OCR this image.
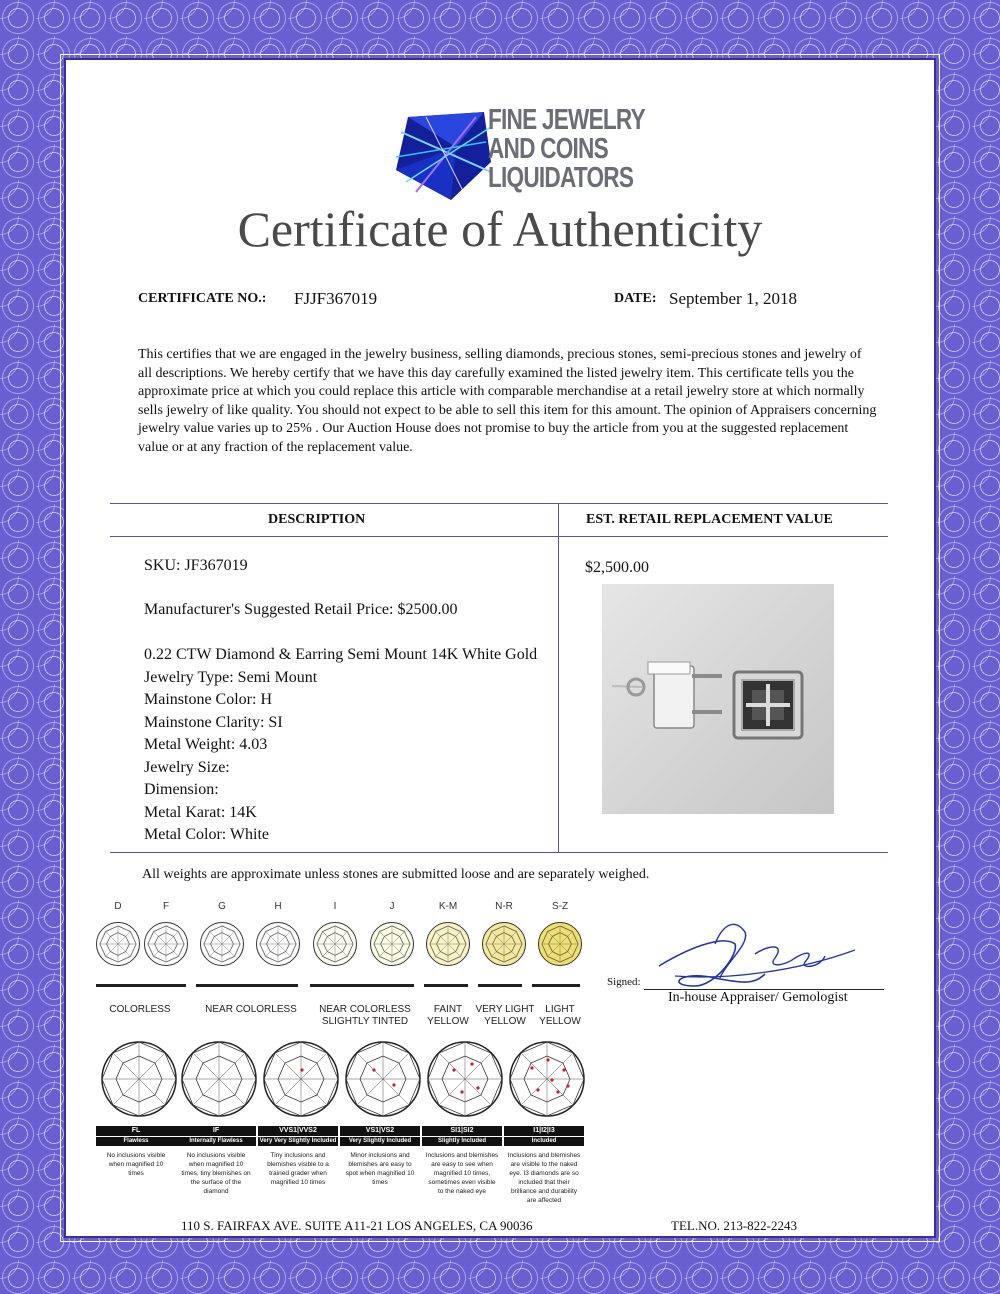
FINE JEWELRY
AND COINS
LIQUIDATORS
Certificate of Authenticity
CERTIFICATE NO.: FJJF367019	DATE: September 1, 2018
This certifies that we are engaged in the jewelry business, selling diamonds, precious stones, semi-precious stones and jewelry of all descriptions. We hereby certify that we have this day carefully examined the listed jewelry item. This certificate tells you the approximate price at which you could replace this article with comparable merchandise at a retail jewelry store at which normally sells jewelry of like quality. You should not expect to be able to sell this item for this amount. The opinion of Appraisers concerning jewelry value varies up to 25% . Our Auction House does not promise to buy the article from you at the suggested replacement value or at any fraction of the replacement value.
DESCRIPTION	EST. RETAIL REPLACEMENT VALUE
SKU: JF367019
Manufacturer's Suggested Retail Price: $2500.00
0.22 CTW Diamond & Earring Semi Mount 14K White Gold
Jewelry Type: Semi Mount
Mainstone Color: H
Mainstone Clarity: SI
Metal Weight: 4.03
Jewelry Size:
Dimension:
Metal Karat: 14K
Metal Color: White
$2,500.00
All weights are approximate unless stones are submitted loose and are separately weighed.
D	F	G	H	I	J	K-M	N-R	S-Z
COLORLESS	NEAR COLORLESS NEAR COLORLESS
SLIGHTLY TINTED
FAINT
YELLOW
VERY LIGHT
YELLOW
LIGHT
YELLOW
FL
Flawless
No inclusions visible
when magnified 10
times
IF
Internally Flawless
No inclusions visible
when magnified 10
times, tiny blemishes on
the surface of the
diamond
VVS1|VVS2
Very Very Slightly Included
Tiny inclusions and
blemishes visible to a
trained grader when
magnified 10 times
VS1|VS2
Very Slightly Included
Minor inclusions and
blemishes are easy to
spot when magnified 10
times
SI1|SI2
Slightly Included
Inclusions and blemishes
are easy to see when
magnified 10 times,
sometimes even visible
to the naked eye
I1|I2|I3
Included
Inclusions and blemishes
are visible to the naked
eye. I3 diamonds are so
included that their
brilliance and durability
are affected
Signed:
In-house Appraiser/ Gemologist
110 S. FAIRFAX AVE. SUITE A11-21 LOS ANGELES, CA 90036	TEL.NO. 213-822-2243
